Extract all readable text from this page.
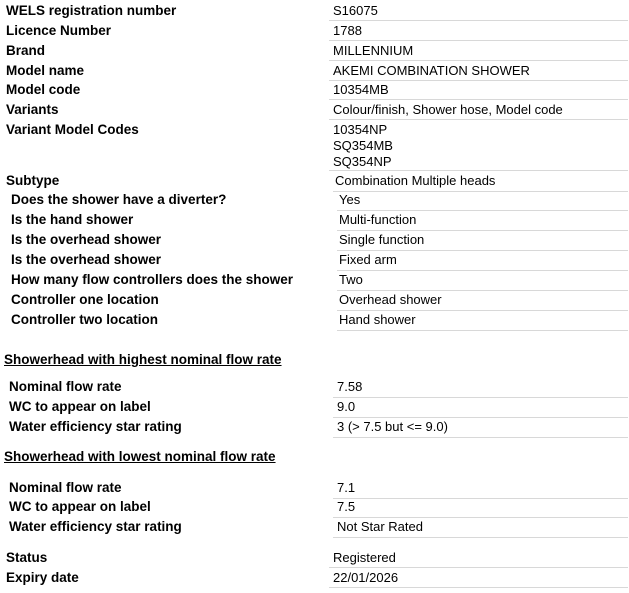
WELS registration number	S16075
Licence Number	1788
Brand	MILLENNIUM
Model name	AKEMI COMBINATION SHOWER
Model code	10354MB
Variants	Colour/finish, Shower hose, Model code
Variant Model Codes	10354NP
SQ354MB
SQ354NP
Subtype	Combination Multiple heads
Does the shower have a diverter?	Yes
Is the hand shower	Multi-function
Is the overhead shower	Single function
Is the overhead shower	Fixed arm
How many flow controllers does the shower	Two
Controller one location	Overhead shower
Controller two location	Hand shower
Showerhead with highest nominal flow rate
Nominal flow rate	7.58
WC to appear on label	9.0
Water efficiency star rating	3 (> 7.5 but <= 9.0)
Showerhead with lowest nominal flow rate
Nominal flow rate	7.1
WC to appear on label	7.5
Water efficiency star rating	Not Star Rated
Status	Registered
Expiry date	22/01/2026
